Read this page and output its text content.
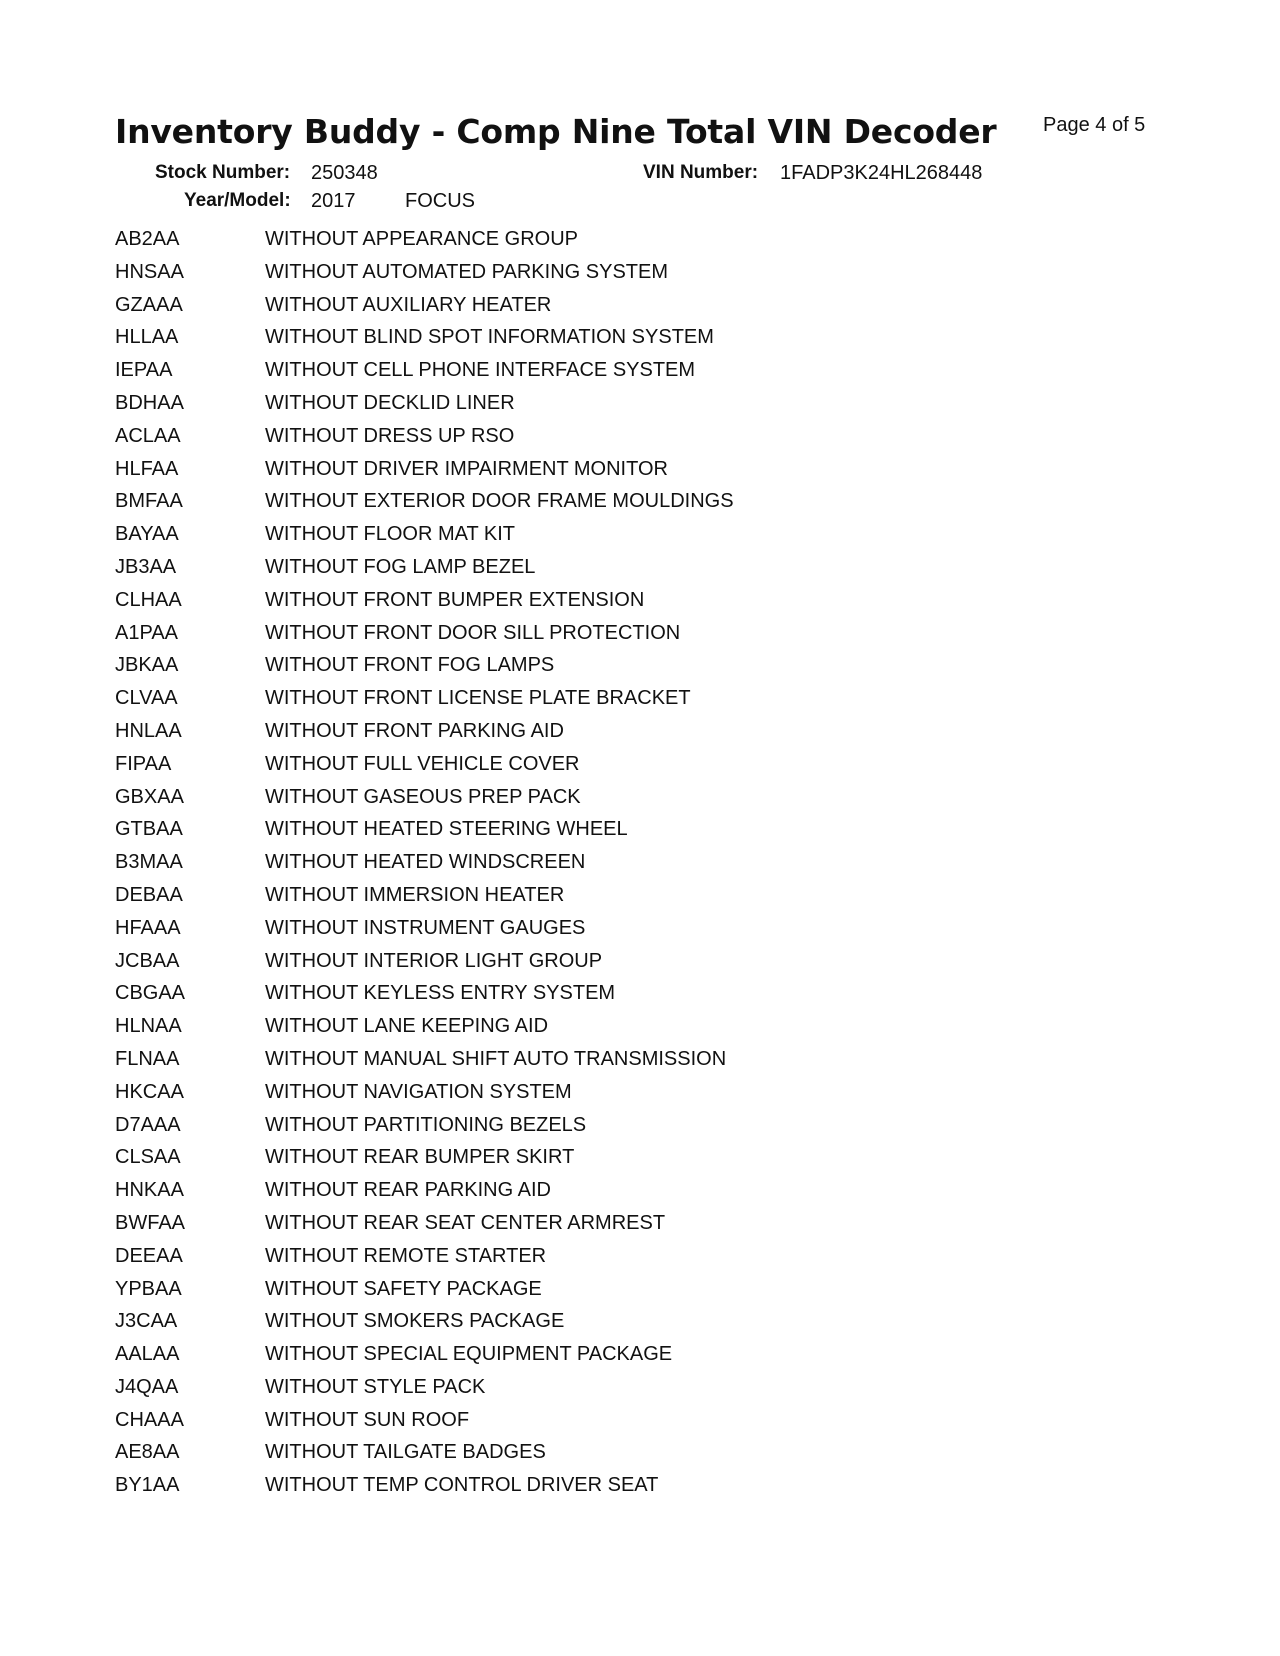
Inventory Buddy - Comp Nine Total VIN Decoder Page 4 of 5
Stock Number: 250348	VIN Number: 1FADP3K24HL268448
Year/Model: 2017 FOCUS
AB2AA	WITHOUT APPEARANCE GROUP
HNSAA	WITHOUT AUTOMATED PARKING SYSTEM
GZAAA	WITHOUT AUXILIARY HEATER
HLLAA	WITHOUT BLIND SPOT INFORMATION SYSTEM
IEPAA	WITHOUT CELL PHONE INTERFACE SYSTEM
BDHAA	WITHOUT DECKLID LINER
ACLAA	WITHOUT DRESS UP RSO
HLFAA	WITHOUT DRIVER IMPAIRMENT MONITOR
BMFAA	WITHOUT EXTERIOR DOOR FRAME MOULDINGS
BAYAA	WITHOUT FLOOR MAT KIT
JB3AA	WITHOUT FOG LAMP BEZEL
CLHAA	WITHOUT FRONT BUMPER EXTENSION
A1PAA	WITHOUT FRONT DOOR SILL PROTECTION
JBKAA	WITHOUT FRONT FOG LAMPS
CLVAA	WITHOUT FRONT LICENSE PLATE BRACKET
HNLAA	WITHOUT FRONT PARKING AID
FIPAA	WITHOUT FULL VEHICLE COVER
GBXAA	WITHOUT GASEOUS PREP PACK
GTBAA	WITHOUT HEATED STEERING WHEEL
B3MAA	WITHOUT HEATED WINDSCREEN
DEBAA	WITHOUT IMMERSION HEATER
HFAAA	WITHOUT INSTRUMENT GAUGES
JCBAA	WITHOUT INTERIOR LIGHT GROUP
CBGAA	WITHOUT KEYLESS ENTRY SYSTEM
HLNAA	WITHOUT LANE KEEPING AID
FLNAA	WITHOUT MANUAL SHIFT AUTO TRANSMISSION
HKCAA	WITHOUT NAVIGATION SYSTEM
D7AAA	WITHOUT PARTITIONING BEZELS
CLSAA	WITHOUT REAR BUMPER SKIRT
HNKAA	WITHOUT REAR PARKING AID
BWFAA	WITHOUT REAR SEAT CENTER ARMREST
DEEAA	WITHOUT REMOTE STARTER
YPBAA	WITHOUT SAFETY PACKAGE
J3CAA	WITHOUT SMOKERS PACKAGE
AALAA	WITHOUT SPECIAL EQUIPMENT PACKAGE
J4QAA	WITHOUT STYLE PACK
CHAAA	WITHOUT SUN ROOF
AE8AA	WITHOUT TAILGATE BADGES
BY1AA	WITHOUT TEMP CONTROL DRIVER SEAT
